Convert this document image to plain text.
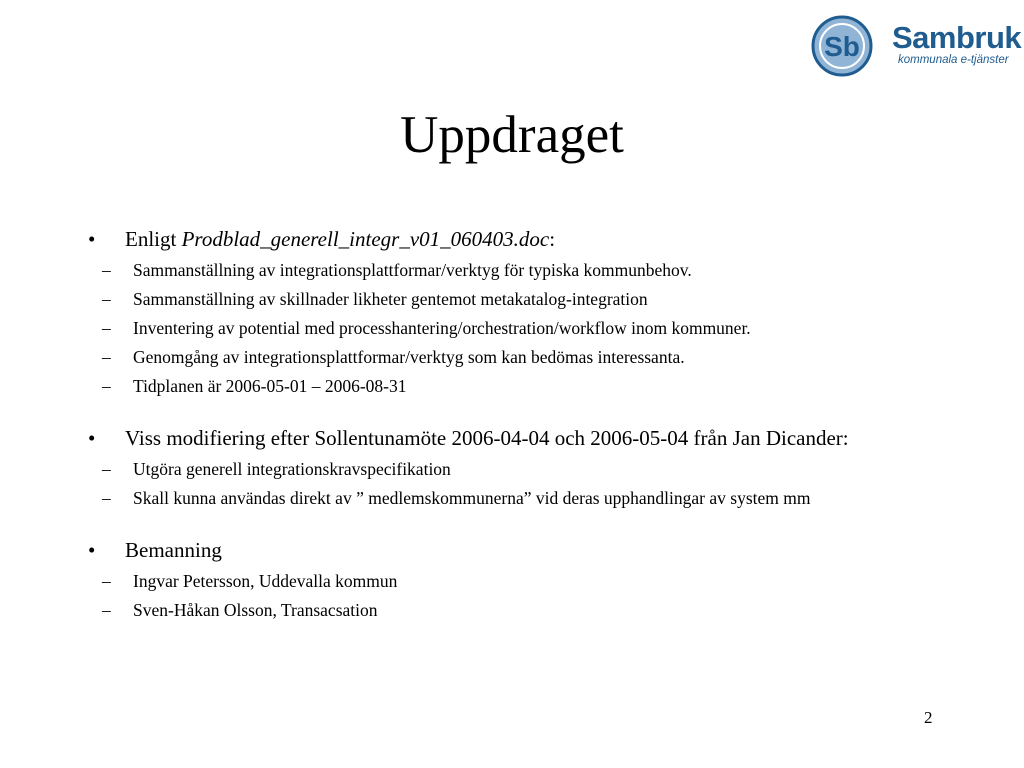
Sb Sambruk
kommunala e-tjänster
Uppdraget
• Enligt Prodblad_generell_integr_v01_060403.doc:
– Sammanställning av integrationsplattformar/verktyg för typiska kommunbehov.
– Sammanställning av skillnader likheter gentemot metakatalog-integration
– Inventering av potential med processhantering/orchestration/workflow inom kommuner.
– Genomgång av integrationsplattformar/verktyg som kan bedömas interessanta.
– Tidplanen är 2006-05-01 – 2006-08-31
• Viss modifiering efter Sollentunamöte 2006-04-04 och 2006-05-04 från Jan Dicander:
– Utgöra generell integrationskravspecifikation
– Skall kunna användas direkt av ” medlemskommunerna” vid deras upphandlingar av system mm
• Bemanning
– Ingvar Petersson, Uddevalla kommun
– Sven-Håkan Olsson, Transacsation
2
